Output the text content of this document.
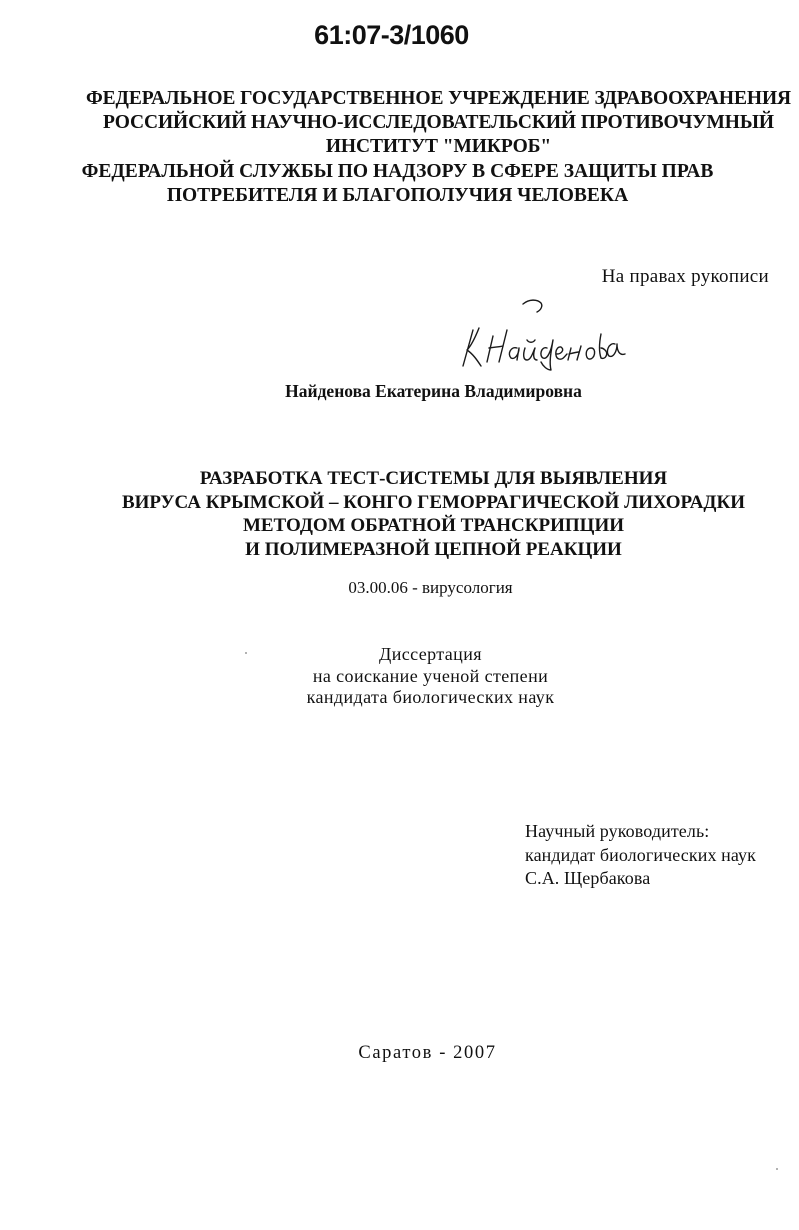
61:07-3/1060
ФЕДЕРАЛЬНОЕ ГОСУДАРСТВЕННОЕ УЧРЕЖДЕНИЕ ЗДРАВООХРАНЕНИЯ
РОССИЙСКИЙ НАУЧНО-ИССЛЕДОВАТЕЛЬСКИЙ ПРОТИВОЧУМНЫЙ
ИНСТИТУТ "МИКРОБ"
ФЕДЕРАЛЬНОЙ СЛУЖБЫ ПО НАДЗОРУ В СФЕРЕ ЗАЩИТЫ ПРАВ
ПОТРЕБИТЕЛЯ И БЛАГОПОЛУЧИЯ ЧЕЛОВЕКА
На правах рукописи
Найденова Екатерина Владимировна
РАЗРАБОТКА ТЕСТ-СИСТЕМЫ ДЛЯ ВЫЯВЛЕНИЯ
ВИРУСА КРЫМСКОЙ – КОНГО ГЕМОРРАГИЧЕСКОЙ ЛИХОРАДКИ
МЕТОДОМ ОБРАТНОЙ ТРАНСКРИПЦИИ
И ПОЛИМЕРАЗНОЙ ЦЕПНОЙ РЕАКЦИИ
03.00.06 - вирусология
Диссертация
на соискание ученой степени
кандидата биологических наук
Научный руководитель:
кандидат биологических наук
С.А. Щербакова
Саратов - 2007
